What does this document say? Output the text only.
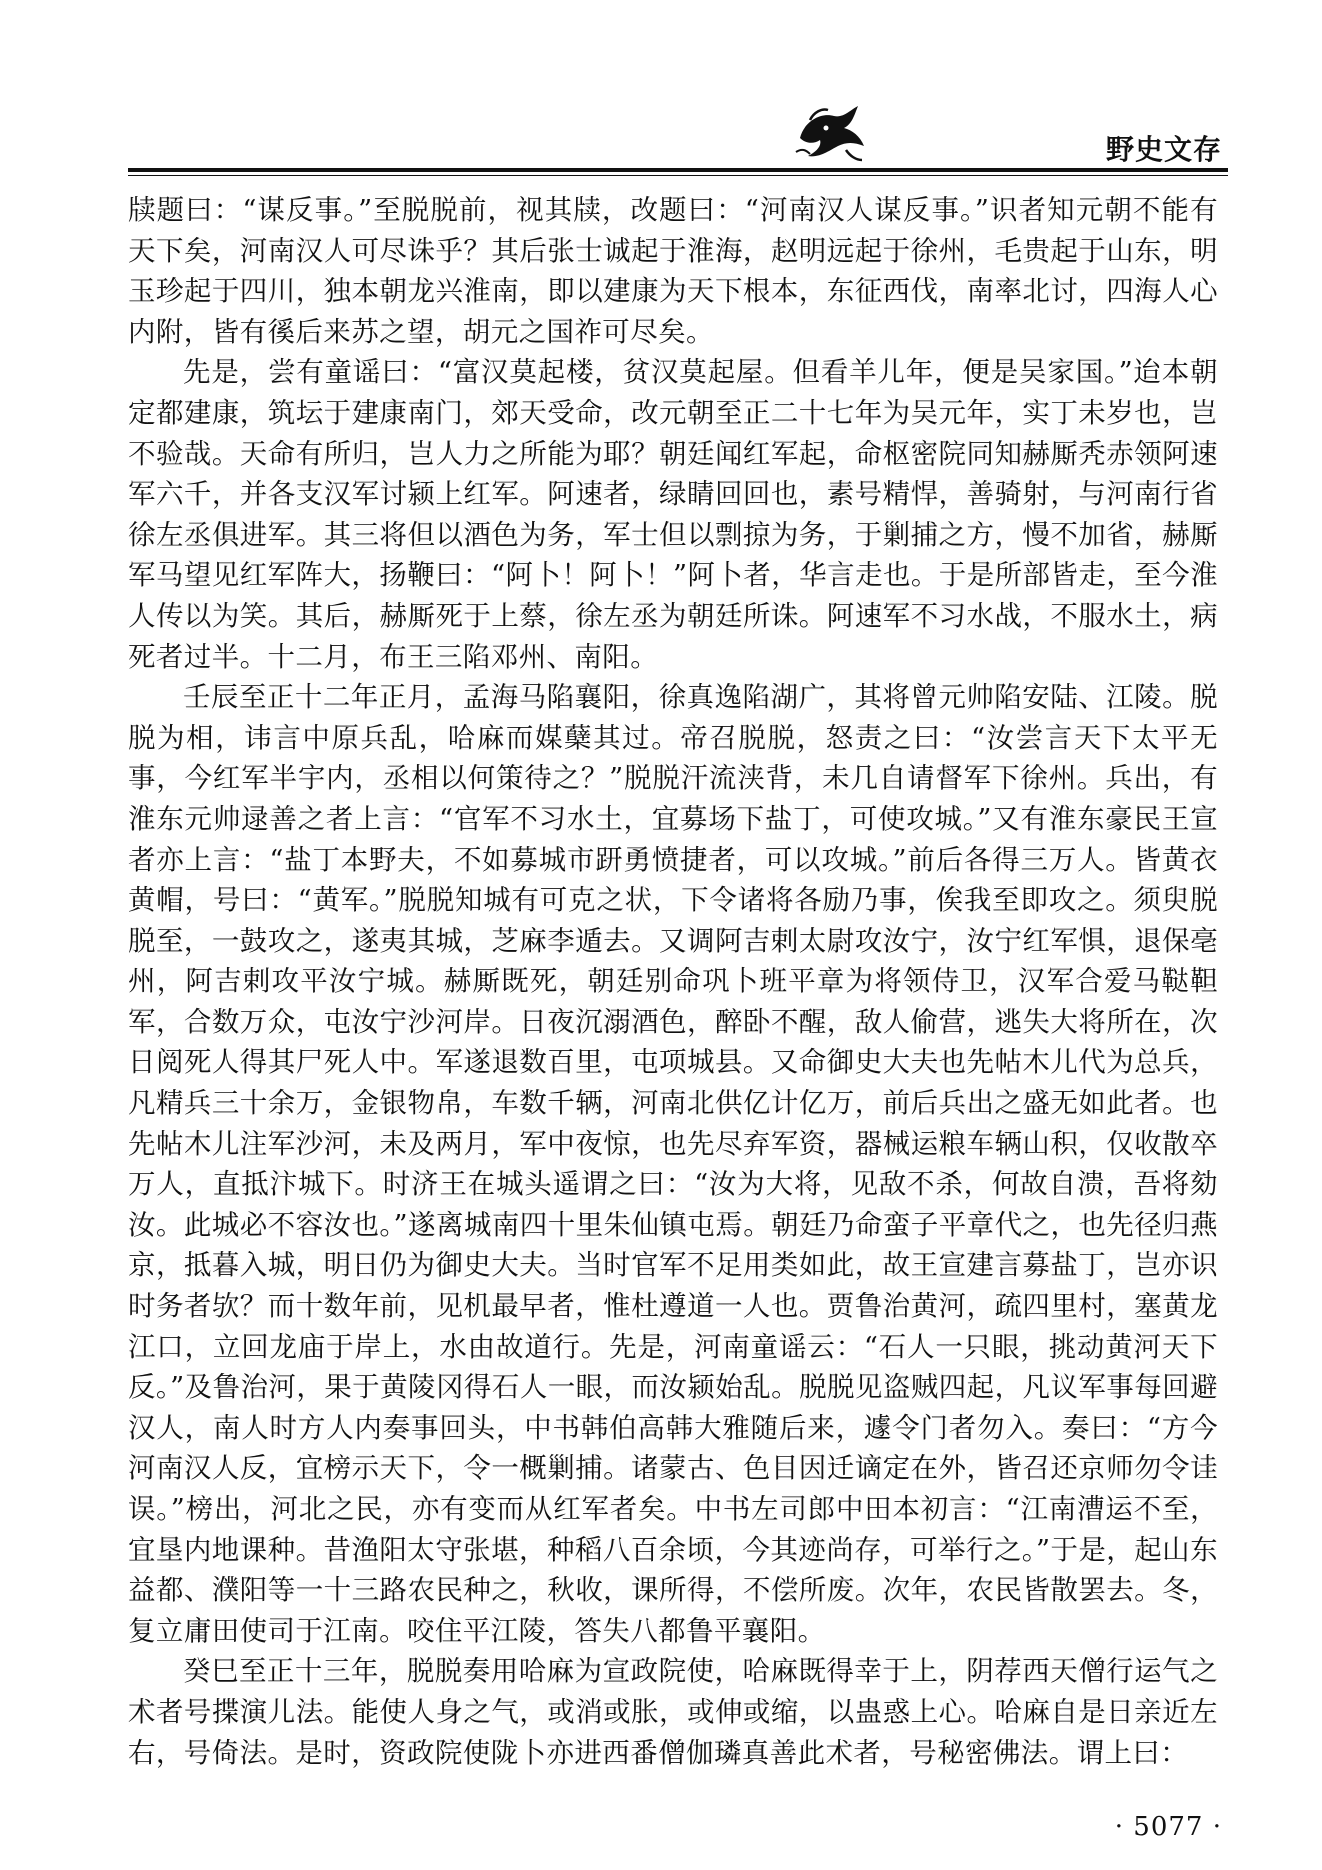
野史文存

牍题曰：“谋反事。”至脱脱前，视其牍，改题曰：“河南汉人谋反事。”识者知元朝不能有天下矣，河南汉人可尽诛乎？其后张士诚起于淮海，赵明远起于徐州，毛贵起于山东，明玉珍起于四川，独本朝龙兴淮南，即以建康为天下根本，东征西伐，南率北讨，四海人心内附，皆有徯后来苏之望，胡元之国祚可尽矣。

先是，尝有童谣曰：“富汉莫起楼，贫汉莫起屋。但看羊儿年，便是吴家国。”迨本朝定都建康，筑坛于建康南门，郊天受命，改元朝至正二十七年为吴元年，实丁未岁也，岂不验哉。天命有所归，岂人力之所能为耶？朝廷闻红军起，命枢密院同知赫厮秃赤领阿速军六千，并各支汉军讨颍上红军。阿速者，绿睛回回也，素号精悍，善骑射，与河南行省徐左丞俱进军。其三将但以酒色为务，军士但以剽掠为务，于剿捕之方，慢不加省，赫厮军马望见红军阵大，扬鞭曰：“阿卜！阿卜！”阿卜者，华言走也。于是所部皆走，至今淮人传以为笑。其后，赫厮死于上蔡，徐左丞为朝廷所诛。阿速军不习水战，不服水土，病死者过半。十二月，布王三陷邓州、南阳。

壬辰至正十二年正月，孟海马陷襄阳，徐真逸陷湖广，其将曾元帅陷安陆、江陵。脱脱为相，讳言中原兵乱，哈麻而媒蘖其过。帝召脱脱，怒责之曰：“汝尝言天下太平无事，今红军半宇内，丞相以何策待之？”脱脱汗流浃背，未几自请督军下徐州。兵出，有淮东元帅逯善之者上言：“官军不习水土，宜募场下盐丁，可使攻城。”又有淮东豪民王宣者亦上言：“盐丁本野夫，不如募城市趼勇愤捷者，可以攻城。”前后各得三万人。皆黄衣黄帽，号曰：“黄军。”脱脱知城有可克之状，下令诸将各励乃事，俟我至即攻之。须臾脱脱至，一鼓攻之，遂夷其城，芝麻李遁去。又调阿吉剌太尉攻汝宁，汝宁红军惧，退保亳州，阿吉剌攻平汝宁城。赫厮既死，朝廷别命巩卜班平章为将领侍卫，汉军合爱马鞑靼军，合数万众，屯汝宁沙河岸。日夜沉溺酒色，醉卧不醒，敌人偷营，逃失大将所在，次日阅死人得其尸死人中。军遂退数百里，屯项城县。又命御史大夫也先帖木儿代为总兵，凡精兵三十余万，金银物帛，车数千辆，河南北供亿计亿万，前后兵出之盛无如此者。也先帖木儿注军沙河，未及两月，军中夜惊，也先尽弃军资，器械运粮车辆山积，仅收散卒万人，直抵汴城下。时济王在城头遥谓之曰：“汝为大将，见敌不杀，何故自溃，吾将劾汝。此城必不容汝也。”遂离城南四十里朱仙镇屯焉。朝廷乃命蛮子平章代之，也先径归燕京，抵暮入城，明日仍为御史大夫。当时官军不足用类如此，故王宣建言募盐丁，岂亦识时务者欤？而十数年前，见机最早者，惟杜遵道一人也。贾鲁治黄河，疏四里村，塞黄龙江口，立回龙庙于岸上，水由故道行。先是，河南童谣云：“石人一只眼，挑动黄河天下反。”及鲁治河，果于黄陵冈得石人一眼，而汝颍始乱。脱脱见盗贼四起，凡议军事每回避汉人，南人时方人内奏事回头，中书韩伯高韩大雅随后来，遽令门者勿入。奏曰：“方今河南汉人反，宜榜示天下，令一概剿捕。诸蒙古、色目因迁谪定在外，皆召还京师勿令诖误。”榜出，河北之民，亦有变而从红军者矣。中书左司郎中田本初言：“江南漕运不至，宜垦内地课种。昔渔阳太守张堪，种稻八百余顷，今其迹尚存，可举行之。”于是，起山东益都、濮阳等一十三路农民种之，秋收，课所得，不偿所废。次年，农民皆散罢去。冬，复立庸田使司于江南。咬住平江陵，答失八都鲁平襄阳。

癸巳至正十三年，脱脱奏用哈麻为宣政院使，哈麻既得幸于上，阴荐西天僧行运气之术者号揲演儿法。能使人身之气，或消或胀，或伸或缩，以蛊惑上心。哈麻自是日亲近左右，号倚法。是时，资政院使陇卜亦进西番僧伽璘真善此术者，号秘密佛法。谓上曰：

· 5077 ·
